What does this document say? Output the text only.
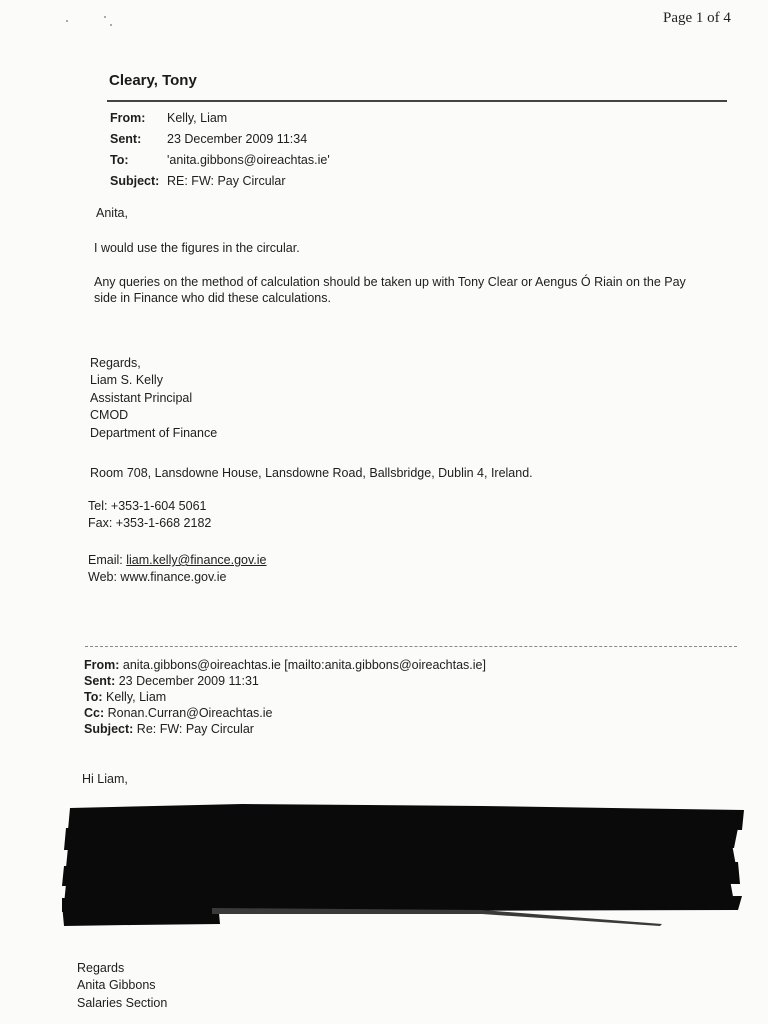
Page 1 of 4
Cleary, Tony
From: Kelly, Liam
Sent: 23 December 2009 11:34
To:	'anita.gibbons@oireachtas.ie'
Subject: RE: FW: Pay Circular
Anita,
I would use the figures in the circular.
Any queries on the method of calculation should be taken up with Tony Clear or Aengus Ó Riain on the Pay
side in Finance who did these calculations.
Regards,
Liam S. Kelly
Assistant Principal
CMOD
Department of Finance
Room 708, Lansdowne House, Lansdowne Road, Ballsbridge, Dublin 4, Ireland.
Tel: +353-1-604 5061
Fax: +353-1-668 2182
Email: liam.kelly@finance.gov.ie
Web: www.finance.gov.ie
From: anita.gibbons@oireachtas.ie [mailto:anita.gibbons@oireachtas.ie]
Sent: 23 December 2009 11:31
To: Kelly, Liam
Cc: Ronan.Curran@Oireachtas.ie
Subject: Re: FW: Pay Circular
Hi Liam,
Regards
Anita Gibbons
Salaries Section
